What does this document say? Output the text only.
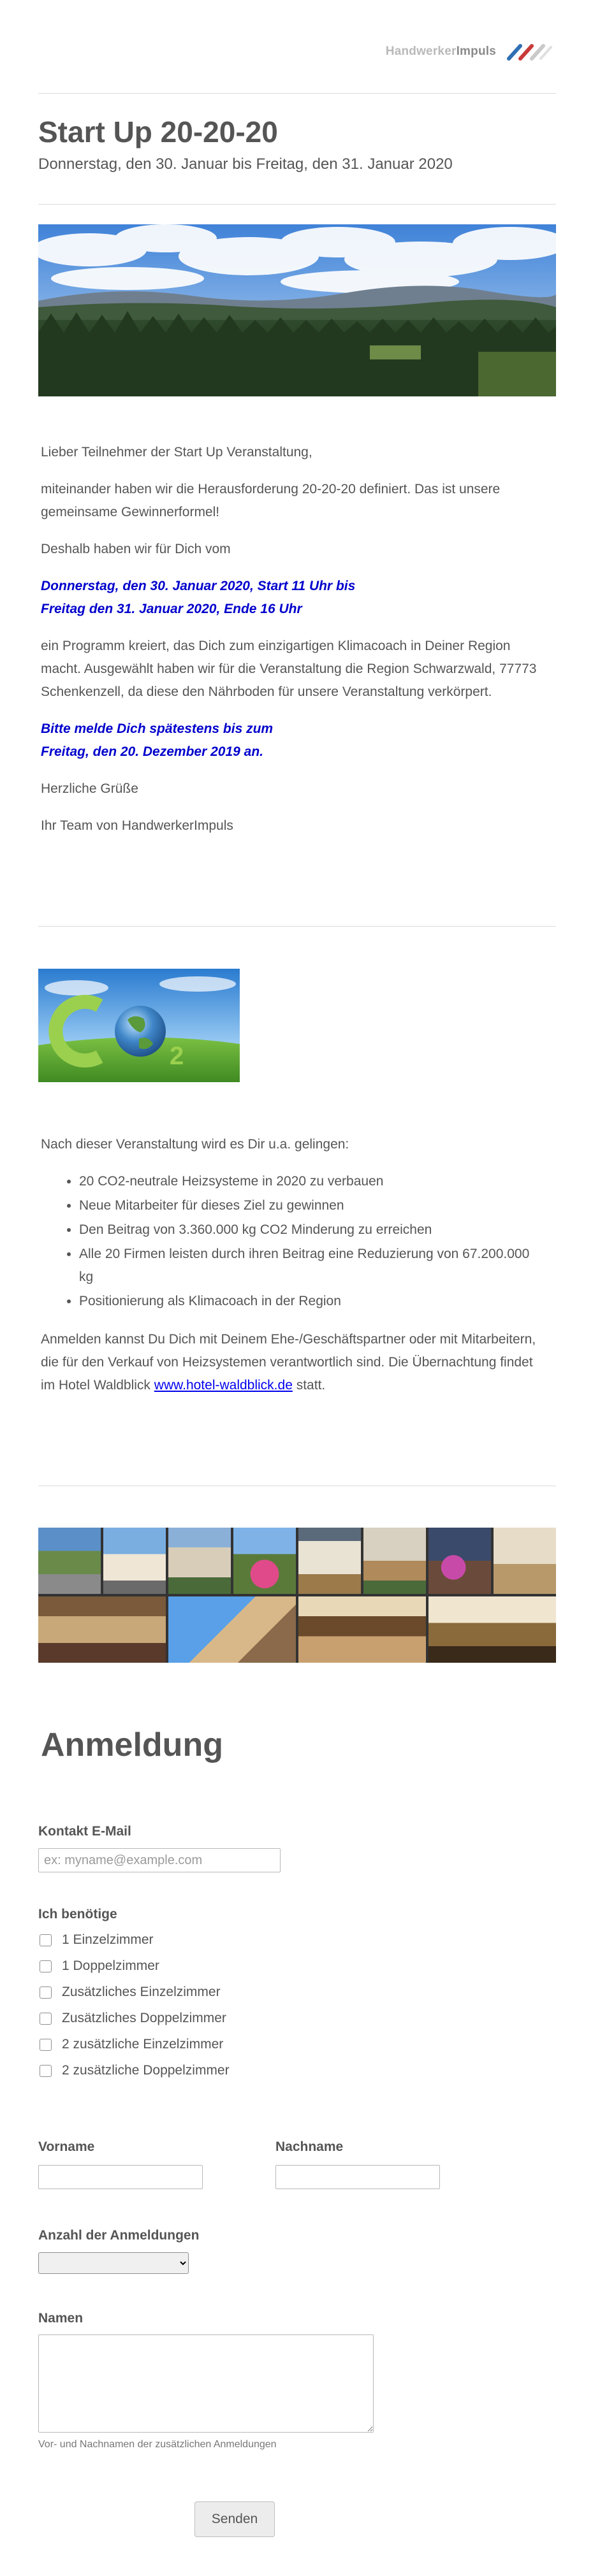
HandwerkerImpuls
Start Up 20-20-20
Donnerstag, den 30. Januar bis Freitag, den 31. Januar 2020

Lieber Teilnehmer der Start Up Veranstaltung,

miteinander haben wir die Herausforderung 20-20-20 definiert. Das ist unsere gemeinsame Gewinnerformel!

Deshalb haben wir für Dich vom

Donnerstag, den 30. Januar 2020, Start 11 Uhr bis
Freitag den 31. Januar 2020, Ende 16 Uhr

ein Programm kreiert, das Dich zum einzigartigen Klimacoach in Deiner Region macht. Ausgewählt haben wir für die Veranstaltung die Region Schwarzwald, 77773 Schenkenzell, da diese den Nährboden für unsere Veranstaltung verkörpert.

Bitte melde Dich spätestens bis zum
Freitag, den 20. Dezember 2019 an.

Herzliche Grüße

Ihr Team von HandwerkerImpuls

2

Nach dieser Veranstaltung wird es Dir u.a. gelingen:

• 20 CO2-neutrale Heizsysteme in 2020 zu verbauen
• Neue Mitarbeiter für dieses Ziel zu gewinnen
• Den Beitrag von 3.360.000 kg CO2 Minderung zu erreichen
• Alle 20 Firmen leisten durch ihren Beitrag eine Reduzierung von 67.200.000 kg
• Positionierung als Klimacoach in der Region

Anmelden kannst Du Dich mit Deinem Ehe-/Geschäftspartner oder mit Mitarbeitern, die für den Verkauf von Heizsystemen verantwortlich sind. Die Übernachtung findet im Hotel Waldblick www.hotel-waldblick.de statt.

Anmeldung
Kontakt E-Mail
ex: myname@example.com
Ich benötige
1 Einzelzimmer
1 Doppelzimmer
Zusätzliches Einzelzimmer
Zusätzliches Doppelzimmer
2 zusätzliche Einzelzimmer
2 zusätzliche Doppelzimmer
Vorname	Nachname
Anzahl der Anmeldungen
Namen
Vor- und Nachnamen der zusätzlichen Anmeldungen
Senden
